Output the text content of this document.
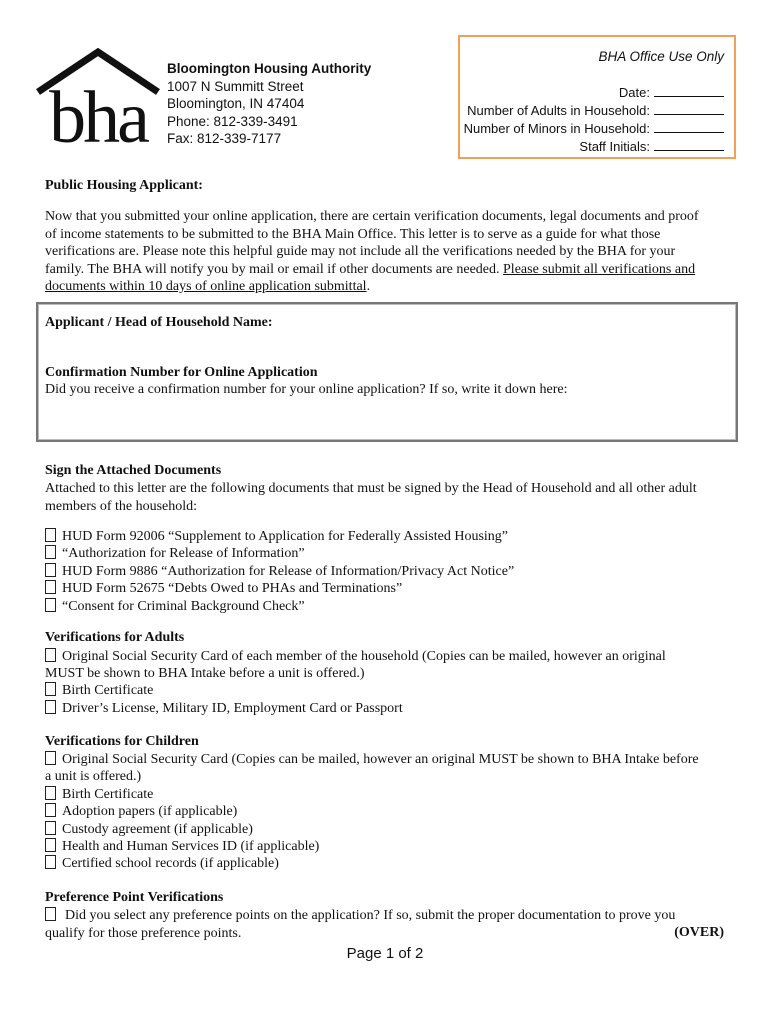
bha
Bloomington Housing Authority
1007 N Summitt Street
Bloomington, IN 47404
Phone: 812-339-3491
Fax: 812-339-7177
BHA Office Use Only
Date:
Number of Adults in Household:
Number of Minors in Household:
Staff Initials:
Public Housing Applicant:
Now that you submitted your online application, there are certain verification documents, legal documents and proof
of income statements to be submitted to the BHA Main Office. This letter is to serve as a guide for what those
verifications are. Please note this helpful guide may not include all the verifications needed by the BHA for your
family. The BHA will notify you by mail or email if other documents are needed. Please submit all verifications and
documents within 10 days of online application submittal.
Applicant / Head of Household Name:
Confirmation Number for Online Application
Did you receive a confirmation number for your online application? If so, write it down here:
Sign the Attached Documents
Attached to this letter are the following documents that must be signed by the Head of Household and all other adult
members of the household:
HUD Form 92006 “Supplement to Application for Federally Assisted Housing”
“Authorization for Release of Information”
HUD Form 9886 “Authorization for Release of Information/Privacy Act Notice”
HUD Form 52675 “Debts Owed to PHAs and Terminations”
“Consent for Criminal Background Check”
Verifications for Adults
Original Social Security Card of each member of the household (Copies can be mailed, however an original
MUST be shown to BHA Intake before a unit is offered.)
Birth Certificate
Driver’s License, Military ID, Employment Card or Passport
Verifications for Children
Original Social Security Card (Copies can be mailed, however an original MUST be shown to BHA Intake before
a unit is offered.)
Birth Certificate
Adoption papers (if applicable)
Custody agreement (if applicable)
Health and Human Services ID (if applicable)
Certified school records (if applicable)
Preference Point Verifications
Did you select any preference points on the application? If so, submit the proper documentation to prove you
qualify for those preference points.	(OVER)
Page 1 of 2
